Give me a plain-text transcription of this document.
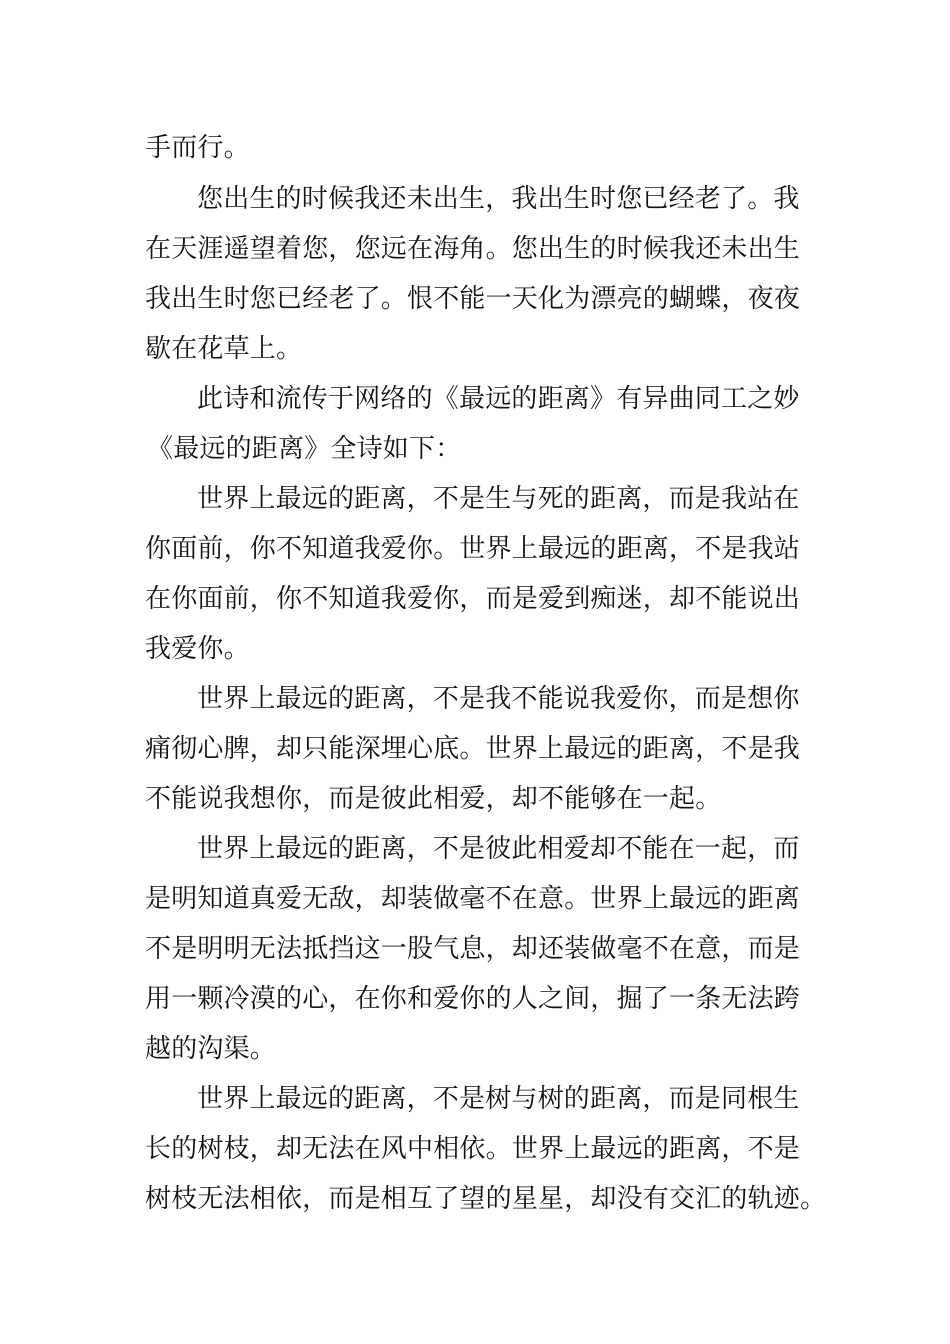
手而行。
您出生的时候我还未出生，我出生时您已经老了。我
在天涯遥望着您，您远在海角。您出生的时候我还未出生
我出生时您已经老了。恨不能一天化为漂亮的蝴蝶，夜夜
歇在花草上。
此诗和流传于网络的《最远的距离》有异曲同工之妙
《最远的距离》全诗如下：
世界上最远的距离，不是生与死的距离，而是我站在
你面前，你不知道我爱你。世界上最远的距离，不是我站
在你面前，你不知道我爱你，而是爱到痴迷，却不能说出
我爱你。
世界上最远的距离，不是我不能说我爱你，而是想你
痛彻心脾，却只能深埋心底。世界上最远的距离，不是我
不能说我想你，而是彼此相爱，却不能够在一起。
世界上最远的距离，不是彼此相爱却不能在一起，而
是明知道真爱无敌，却装做毫不在意。世界上最远的距离
不是明明无法抵挡这一股气息，却还装做毫不在意，而是
用一颗冷漠的心，在你和爱你的人之间，掘了一条无法跨
越的沟渠。
世界上最远的距离，不是树与树的距离，而是同根生
长的树枝，却无法在风中相依。世界上最远的距离，不是
树枝无法相依，而是相互了望的星星，却没有交汇的轨迹。
